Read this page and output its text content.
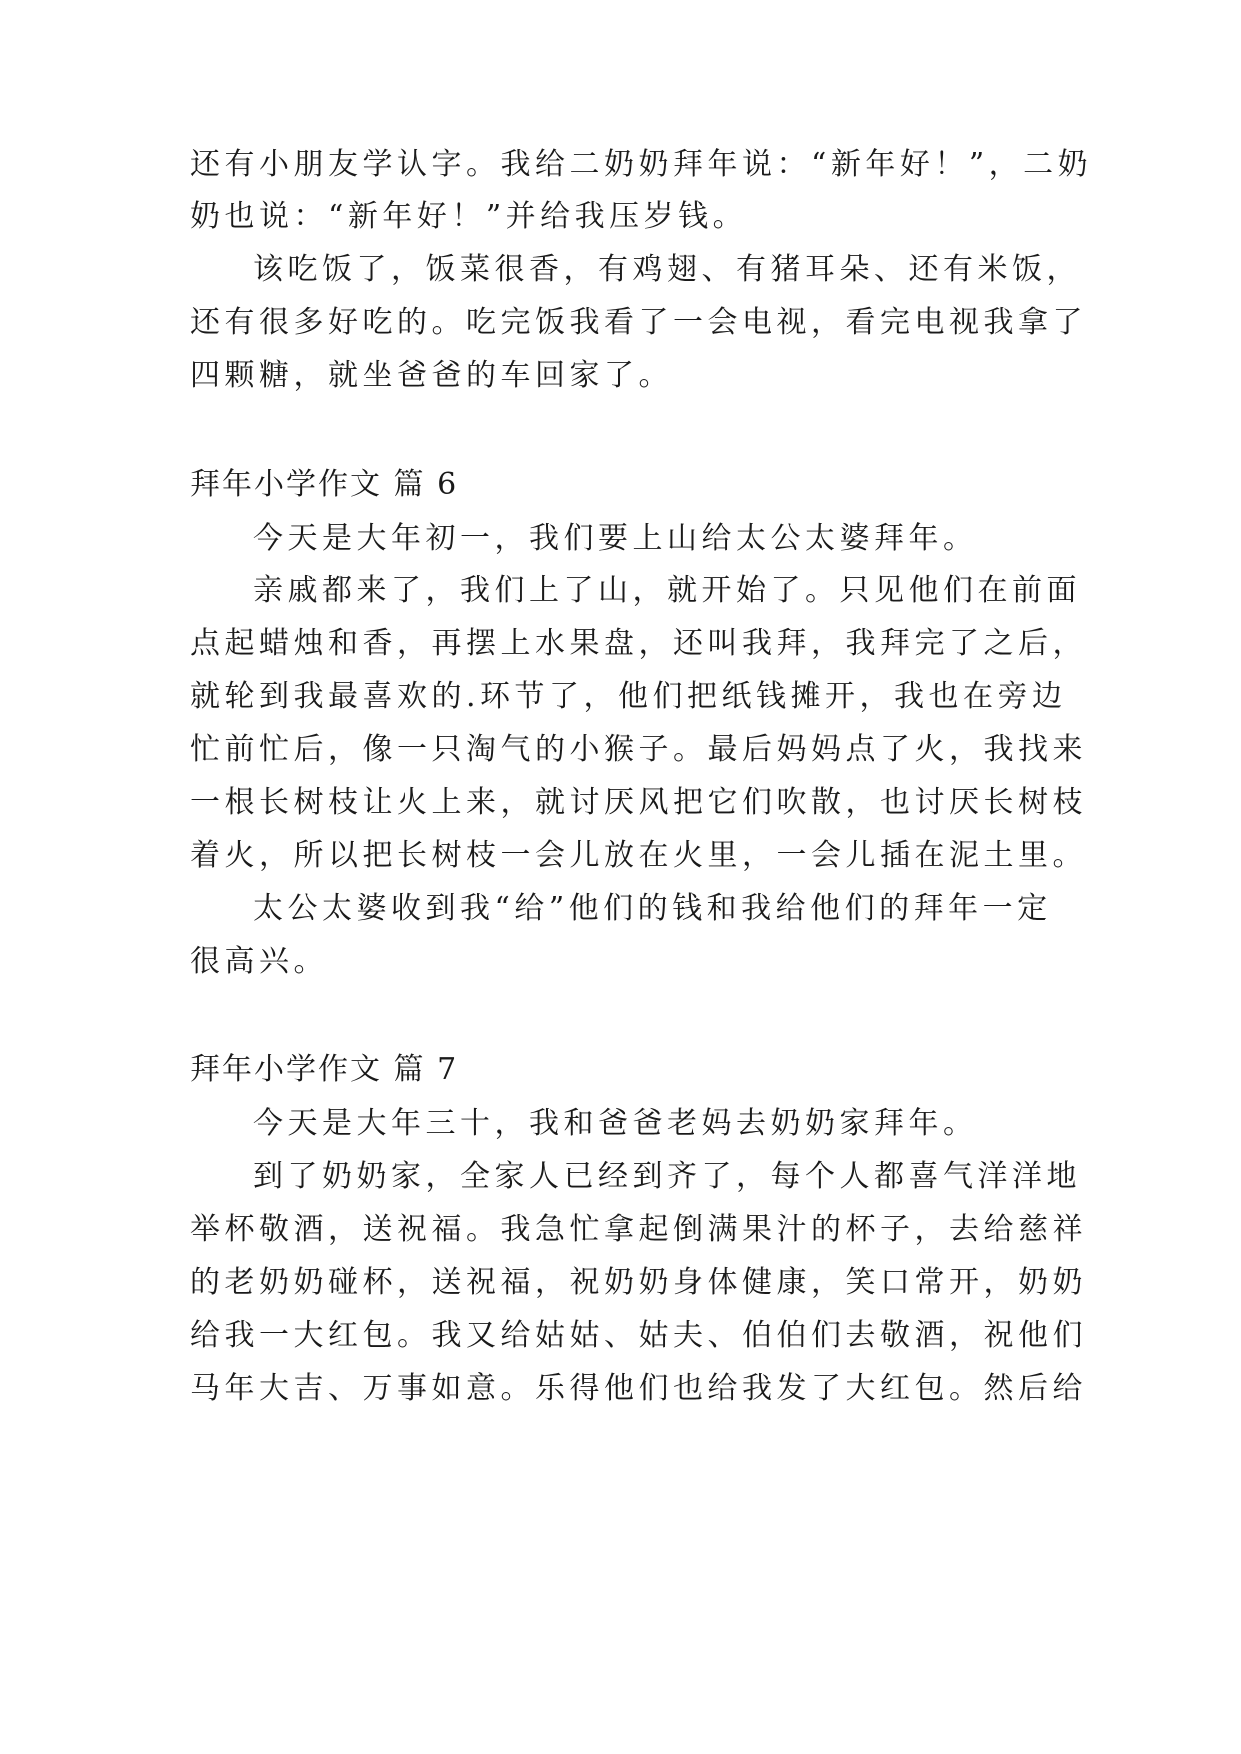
还有小朋友学认字。我给二奶奶拜年说：“新年好！”，二奶
奶也说：“新年好！”并给我压岁钱。
该吃饭了，饭菜很香，有鸡翅、有猪耳朵、还有米饭，
还有很多好吃的。吃完饭我看了一会电视，看完电视我拿了
四颗糖，就坐爸爸的车回家了。
拜年小学作文 篇 6
今天是大年初一，我们要上山给太公太婆拜年。
亲戚都来了，我们上了山，就开始了。只见他们在前面
点起蜡烛和香，再摆上水果盘，还叫我拜，我拜完了之后，
就轮到我最喜欢的.环节了，他们把纸钱摊开，我也在旁边
忙前忙后，像一只淘气的小猴子。最后妈妈点了火，我找来
一根长树枝让火上来，就讨厌风把它们吹散，也讨厌长树枝
着火，所以把长树枝一会儿放在火里，一会儿插在泥土里。
太公太婆收到我“给”他们的钱和我给他们的拜年一定
很高兴。
拜年小学作文 篇 7
今天是大年三十，我和爸爸老妈去奶奶家拜年。
到了奶奶家，全家人已经到齐了，每个人都喜气洋洋地
举杯敬酒，送祝福。我急忙拿起倒满果汁的杯子，去给慈祥
的老奶奶碰杯，送祝福，祝奶奶身体健康，笑口常开，奶奶
给我一大红包。我又给姑姑、姑夫、伯伯们去敬酒，祝他们
马年大吉、万事如意。乐得他们也给我发了大红包。然后给
